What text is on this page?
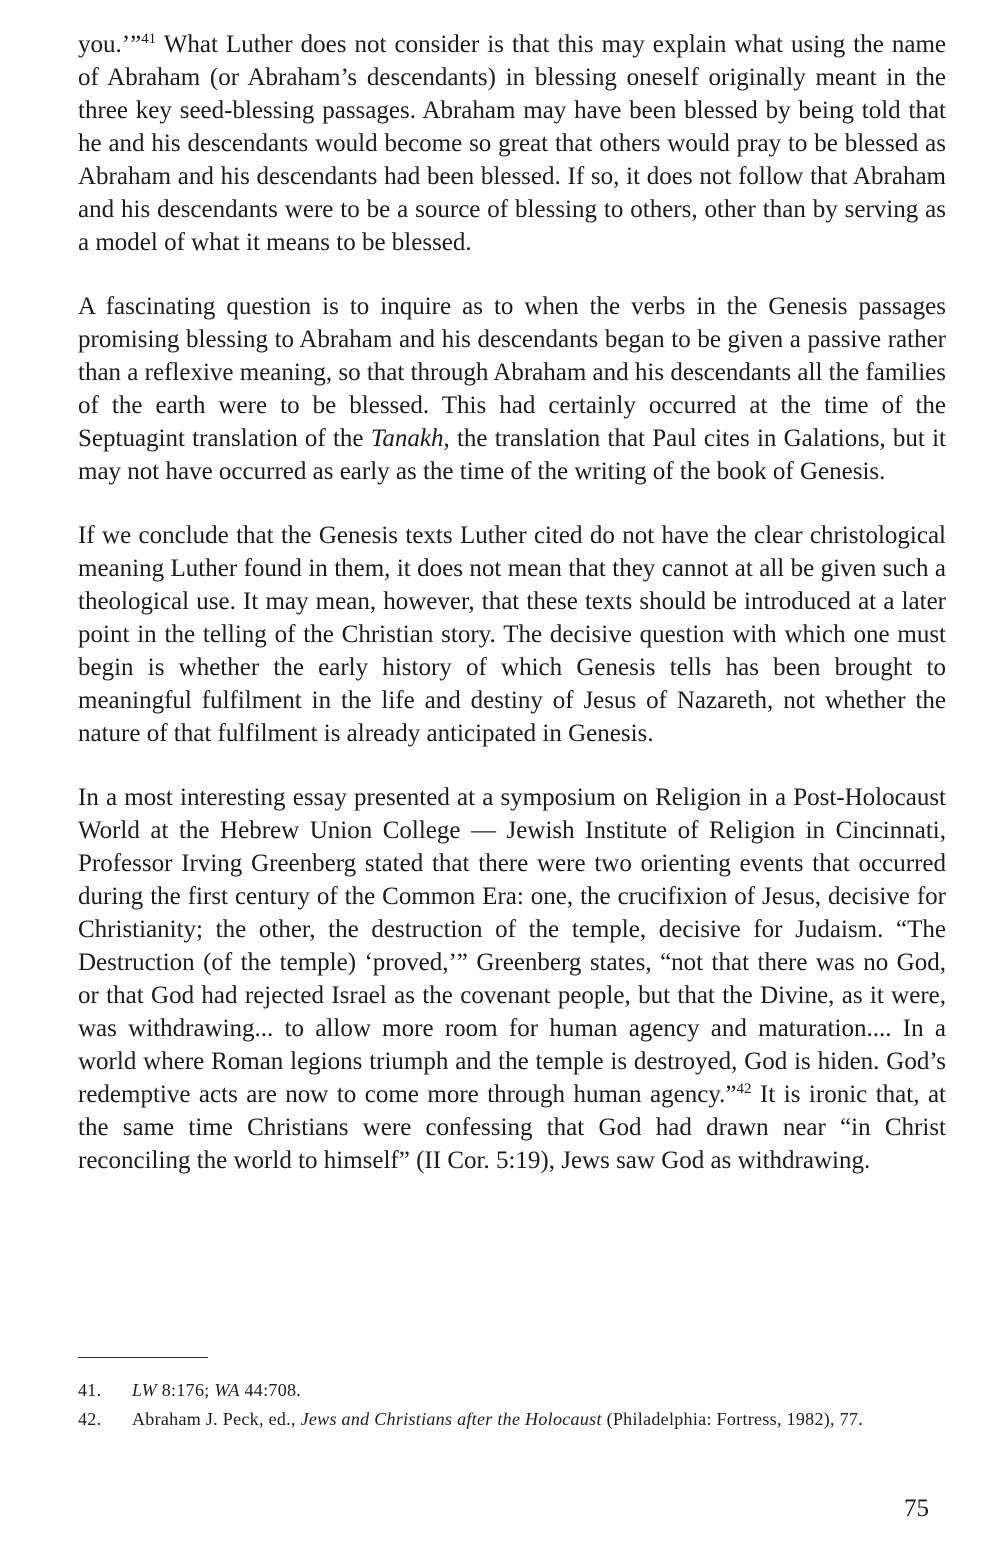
you.’”$^{41}$ What Luther does not consider is that this may explain what using the name of Abraham (or Abraham’s descendants) in blessing oneself originally meant in the three key seed-blessing passages. Abraham may have been blessed by being told that he and his descendants would become so great that others would pray to be blessed as Abraham and his descendants had been blessed. If so, it does not follow that Abraham and his descendants were to be a source of blessing to others, other than by serving as a model of what it means to be blessed.

A fascinating question is to inquire as to when the verbs in the Genesis passages promising blessing to Abraham and his descendants began to be given a passive rather than a reflexive meaning, so that through Abraham and his descendants all the families of the earth were to be blessed. This had certainly occurred at the time of the Septuagint translation of the Tanakh, the translation that Paul cites in Galations, but it may not have occurred as early as the time of the writing of the book of Genesis.

If we conclude that the Genesis texts Luther cited do not have the clear christological meaning Luther found in them, it does not mean that they cannot at all be given such a theological use. It may mean, however, that these texts should be introduced at a later point in the telling of the Christian story. The decisive question with which one must begin is whether the early history of which Genesis tells has been brought to meaningful fulfilment in the life and destiny of Jesus of Nazareth, not whether the nature of that fulfilment is already anticipated in Genesis.

In a most interesting essay presented at a symposium on Religion in a Post-Holocaust World at the Hebrew Union College — Jewish Institute of Religion in Cincinnati, Professor Irving Greenberg stated that there were two orienting events that occurred during the first century of the Common Era: one, the crucifixion of Jesus, decisive for Christianity; the other, the destruction of the temple, decisive for Judaism. “The Destruction (of the temple) ‘proved,’” Greenberg states, “not that there was no God, or that God had rejected Israel as the covenant people, but that the Divine, as it were, was withdrawing... to allow more room for human agency and maturation.... In a world where Roman legions triumph and the temple is destroyed, God is hiden. God’s redemptive acts are now to come more through human agency.”$^{42}$ It is ironic that, at the same time Christians were confessing that God had drawn near “in Christ reconciling the world to himself” (II Cor. 5:19), Jews saw God as withdrawing.

41. LW 8:176; WA 44:708.

42. Abraham J. Peck, ed., Jews and Christians after the Holocaust (Philadelphia: Fortress, 1982), 77.

75
